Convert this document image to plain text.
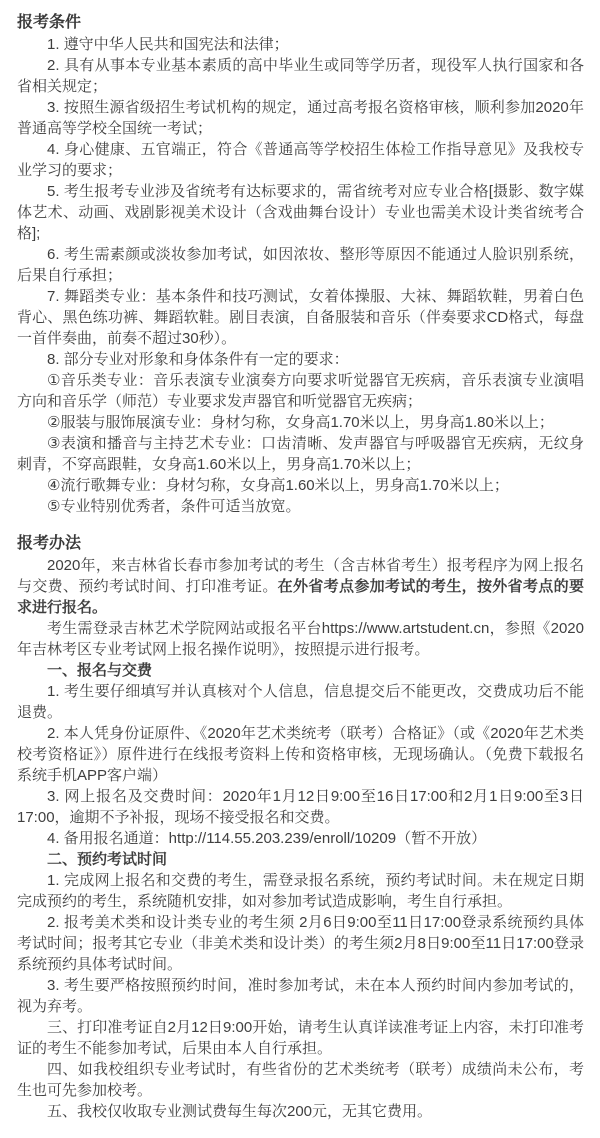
报考条件

1. 遵守中华人民共和国宪法和法律；

2. 具有从事本专业基本素质的高中毕业生或同等学历者，现役军人执行国家和各省相关规定；

3. 按照生源省级招生考试机构的规定，通过高考报名资格审核，顺利参加2020年普通高等学校全国统一考试；

4. 身心健康、五官端正，符合《普通高等学校招生体检工作指导意见》及我校专业学习的要求；

5. 考生报考专业涉及省统考有达标要求的，需省统考对应专业合格[摄影、数字媒体艺术、动画、戏剧影视美术设计（含戏曲舞台设计）专业也需美术设计类省统考合格];

6. 考生需素颜或淡妆参加考试，如因浓妆、整形等原因不能通过人脸识别系统，后果自行承担；

7. 舞蹈类专业：基本条件和技巧测试，女着体操服、大袜、舞蹈软鞋，男着白色背心、黑色练功裤、舞蹈软鞋。剧目表演，自备服装和音乐（伴奏要求CD格式，每盘一首伴奏曲，前奏不超过30秒）。

8. 部分专业对形象和身体条件有一定的要求：

①音乐类专业：音乐表演专业演奏方向要求听觉器官无疾病，音乐表演专业演唱方向和音乐学（师范）专业要求发声器官和听觉器官无疾病；

②服装与服饰展演专业：身材匀称，女身高1.70米以上，男身高1.80米以上；

③表演和播音与主持艺术专业：口齿清晰、发声器官与呼吸器官无疾病，无纹身刺青，不穿高跟鞋，女身高1.60米以上，男身高1.70米以上；

④流行歌舞专业：身材匀称，女身高1.60米以上，男身高1.70米以上；

⑤专业特别优秀者，条件可适当放宽。

报考办法

2020年，来吉林省长春市参加考试的考生（含吉林省考生）报考程序为网上报名与交费、预约考试时间、打印准考证。在外省考点参加考试的考生，按外省考点的要求进行报名。

考生需登录吉林艺术学院网站或报名平台https://www.artstudent.cn，参照《2020年吉林考区专业考试网上报名操作说明》，按照提示进行报考。

一、报名与交费

1. 考生要仔细填写并认真核对个人信息，信息提交后不能更改，交费成功后不能退费。

2. 本人凭身份证原件、《2020年艺术类统考（联考）合格证》（或《2020年艺术类校考资格证》）原件进行在线报考资料上传和资格审核，无现场确认。（免费下载报名系统手机APP客户端）

3. 网上报名及交费时间：2020年1月12日9:00至16日17:00和2月1日9:00至3日17:00，逾期不予补报，现场不接受报名和交费。

4. 备用报名通道：http://114.55.203.239/enroll/10209（暂不开放）

二、预约考试时间

1. 完成网上报名和交费的考生，需登录报名系统，预约考试时间。未在规定日期完成预约的考生，系统随机安排，如对参加考试造成影响，考生自行承担。

2. 报考美术类和设计类专业的考生须 2月6日9:00至11日17:00登录系统预约具体考试时间；报考其它专业（非美术类和设计类）的考生须2月8日9:00至11日17:00登录系统预约具体考试时间。

3. 考生要严格按照预约时间，准时参加考试，未在本人预约时间内参加考试的，视为弃考。

三、打印准考证自2月12日9:00开始，请考生认真详读准考证上内容，未打印准考证的考生不能参加考试，后果由本人自行承担。

四、如我校组织专业考试时，有些省份的艺术类统考（联考）成绩尚未公布，考生也可先参加校考。

五、我校仅收取专业测试费每生每次200元，无其它费用。
